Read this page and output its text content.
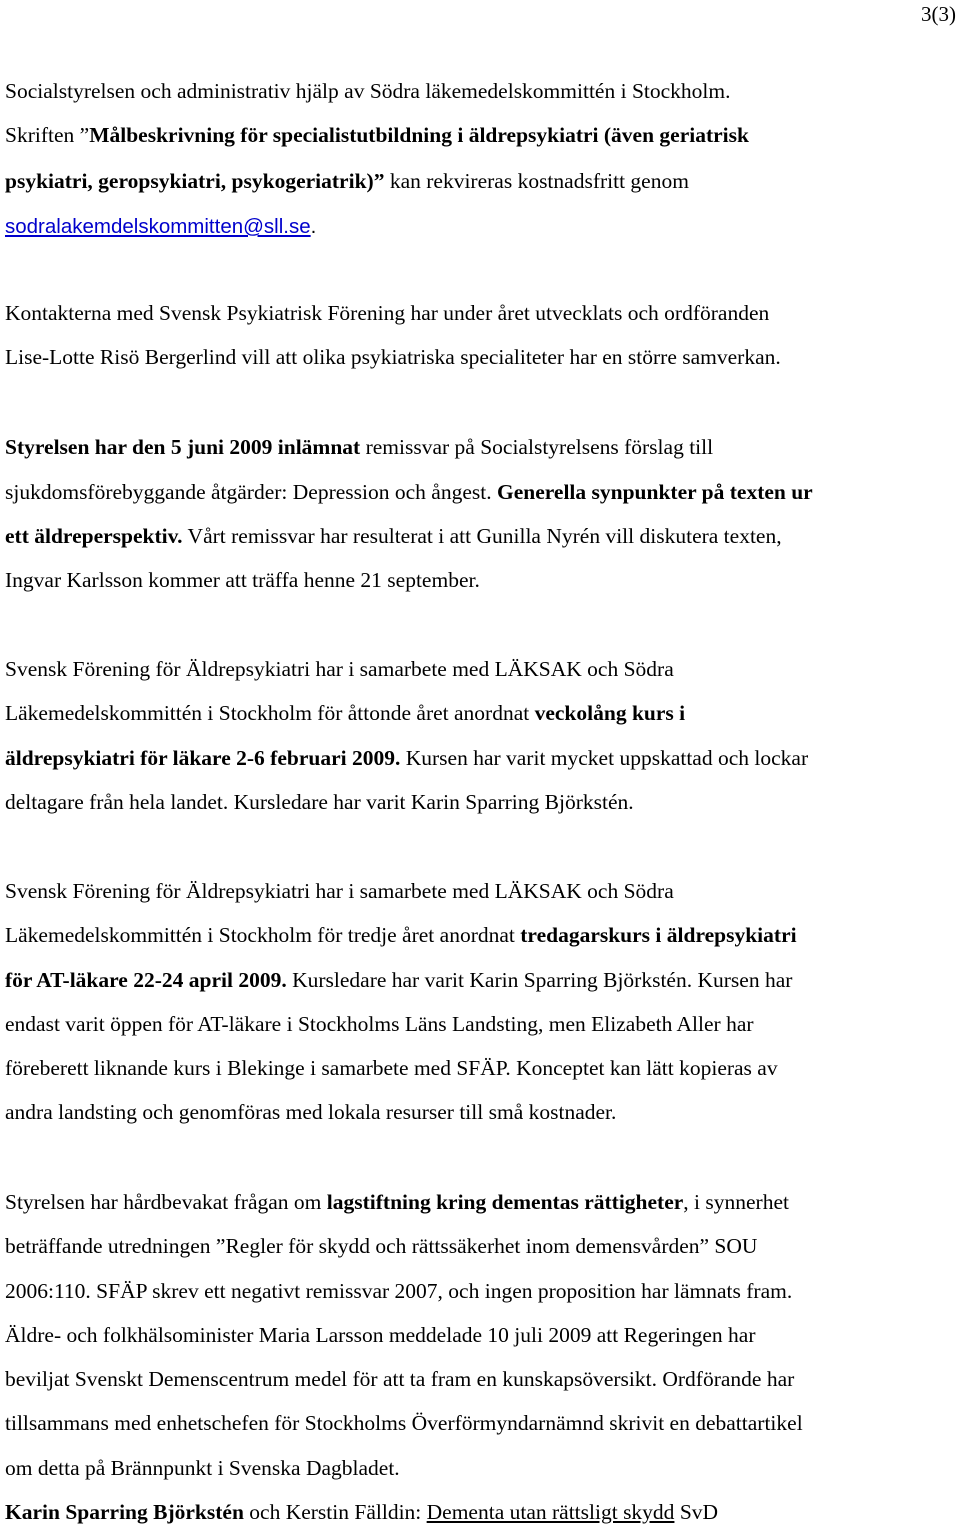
3(3)
Socialstyrelsen och administrativ hjälp av Södra läkemedelskommittén i Stockholm.
Skriften ”Målbeskrivning för specialistutbildning i äldrepsykiatri (även geriatrisk
psykiatri, geropsykiatri, psykogeriatrik)” kan rekvireras kostnadsfritt genom
sodralakemdelskommitten@sll.se.
Kontakterna med Svensk Psykiatrisk Förening har under året utvecklats och ordföranden
Lise-Lotte Risö Bergerlind vill att olika psykiatriska specialiteter har en större samverkan.
Styrelsen har den 5 juni 2009 inlämnat remissvar på Socialstyrelsens förslag till
sjukdomsförebyggande åtgärder: Depression och ångest. Generella synpunkter på texten ur
ett äldreperspektiv. Vårt remissvar har resulterat i att Gunilla Nyrén vill diskutera texten,
Ingvar Karlsson kommer att träffa henne 21 september.
Svensk Förening för Äldrepsykiatri har i samarbete med LÄKSAK och Södra
Läkemedelskommittén i Stockholm för åttonde året anordnat veckolång kurs i
äldrepsykiatri för läkare 2-6 februari 2009. Kursen har varit mycket uppskattad och lockar
deltagare från hela landet. Kursledare har varit Karin Sparring Björkstén.
Svensk Förening för Äldrepsykiatri har i samarbete med LÄKSAK och Södra
Läkemedelskommittén i Stockholm för tredje året anordnat tredagarskurs i äldrepsykiatri
för AT-läkare 22-24 april 2009. Kursledare har varit Karin Sparring Björkstén. Kursen har
endast varit öppen för AT-läkare i Stockholms Läns Landsting, men Elizabeth Aller har
föreberett liknande kurs i Blekinge i samarbete med SFÄP. Konceptet kan lätt kopieras av
andra landsting och genomföras med lokala resurser till små kostnader.
Styrelsen har hårdbevakat frågan om lagstiftning kring dementas rättigheter, i synnerhet
beträffande utredningen ”Regler för skydd och rättssäkerhet inom demensvården” SOU
2006:110. SFÄP skrev ett negativt remissvar 2007, och ingen proposition har lämnats fram.
Äldre- och folkhälsominister Maria Larsson meddelade 10 juli 2009 att Regeringen har
beviljat Svenskt Demenscentrum medel för att ta fram en kunskapsöversikt. Ordförande har
tillsammans med enhetschefen för Stockholms Överförmyndarnämnd skrivit en debattartikel
om detta på Brännpunkt i Svenska Dagbladet.
Karin Sparring Björkstén och Kerstin Fälldin: Dementa utan rättsligt skydd SvD
